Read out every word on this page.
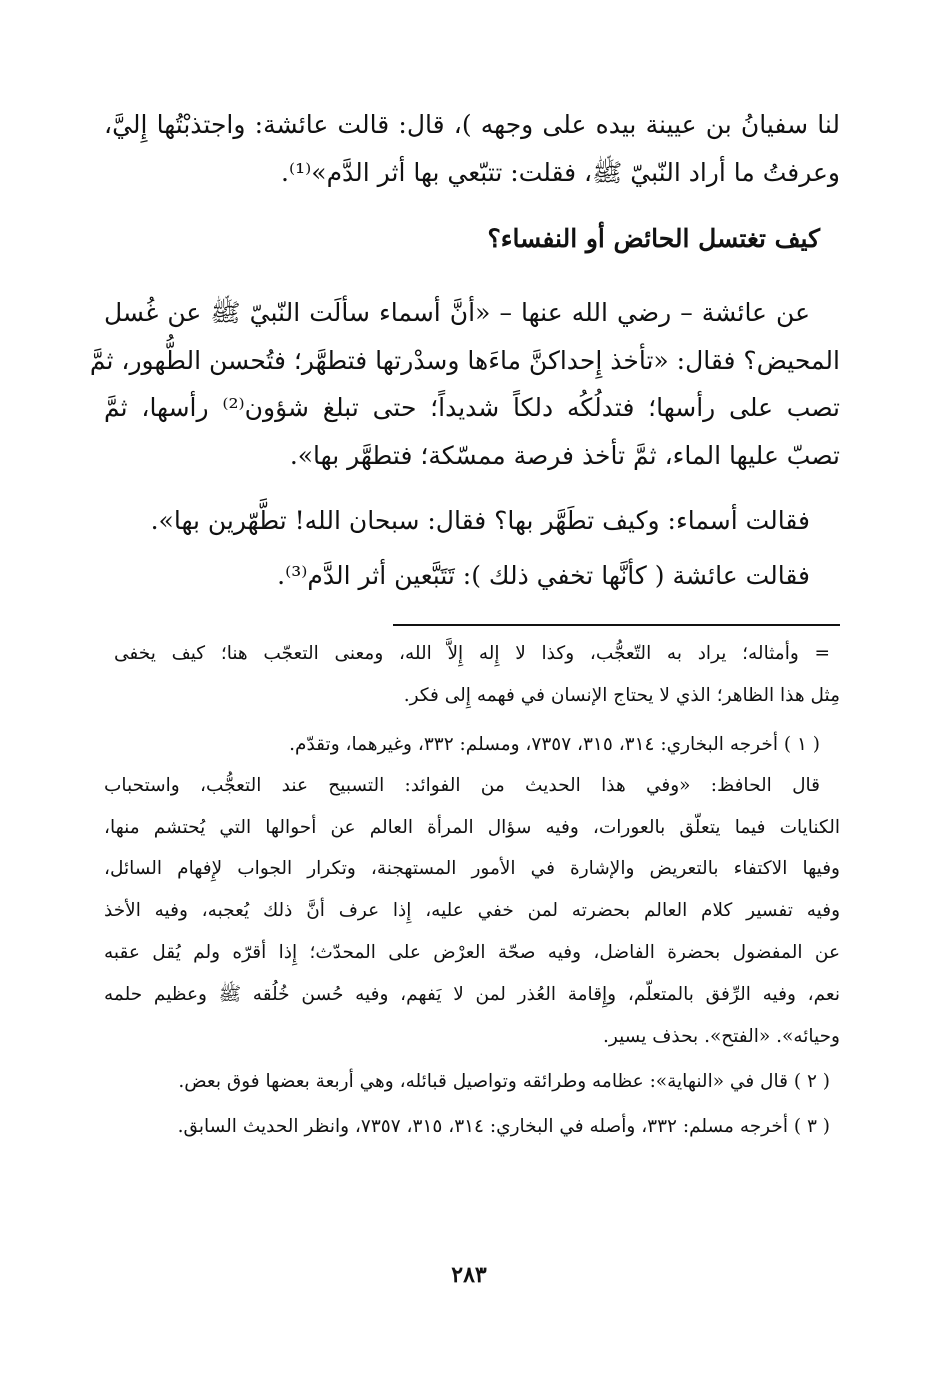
لنا سفيانُ بن عيينة بيده على وجهه )، قال: قالت عائشة: واجتذبْتُها إِليَّ،
وعرفتُ ما أراد النّبيّ ﷺ، فقلت: تتبّعي بها أثر الدَّم»⁽¹⁾.
كيف تغتسل الحائض أو النفساء؟
عن عائشة – رضي الله عنها – «أنَّ أسماء سألَت النّبيّ ﷺ عن غُسل
المحيض؟ فقال: «تأخذ إِحداكنَّ ماءَها وسدْرتها فتطهَّر؛ فتُحسن الطُّهور، ثمَّ
تصب على رأسها؛ فتدلُكُه دلكاً شديداً؛ حتى تبلغ شؤون⁽²⁾ رأسها، ثمَّ
تصبّ عليها الماء، ثمَّ تأخذ فرصة ممسّكة؛ فتطهَّر بها».
فقالت أسماء: وكيف تطَهَّر بها؟ فقال: سبحان الله! تطَّهّرين بها».
فقالت عائشة ( كأنَّها تخفي ذلك ): تَتَبَّعين أثر الدَّم⁽³⁾.
= وأمثاله؛ يراد به التّعجُّب، وكذا لا إِله إِلاَّ الله، ومعنى التعجّب هنا؛ كيف يخفى
مِثل هذا الظاهر؛ الذي لا يحتاج الإنسان في فهمه إِلى فكر.
( ١ ) أخرجه البخاري: ٣١٤، ٣١٥، ٧٣٥٧، ومسلم: ٣٣٢، وغيرهما، وتقدّم.
قال الحافظ: «وفي هذا الحديث من الفوائد: التسبيح عند التعجُّب، واستحباب
الكنايات فيما يتعلّق بالعورات، وفيه سؤال المرأة العالم عن أحوالها التي يُحتشم منها،
وفيها الاكتفاء بالتعريض والإشارة في الأمور المستهجنة، وتكرار الجواب لإِفهام السائل،
وفيه تفسير كلام العالم بحضرته لمن خفي عليه، إِذا عرف أنَّ ذلك يُعجبه، وفيه الأخذ
عن المفضول بحضرة الفاضل، وفيه صحّة العرْض على المحدّث؛ إِذا أقرّه ولم يُقل عقبه
نعم، وفيه الرِّفق بالمتعلّم، وإِقامة العُذر لمن لا يَفهم، وفيه حُسن خُلُقه ﷺ وعظيم حلمه
وحيائه». «الفتح». بحذف يسير.
( ٢ ) قال في «النهاية»: عظامه وطرائقه وتواصيل قبائله، وهي أربعة بعضها فوق بعض.
( ٣ ) أخرجه مسلم: ٣٣٢، وأصله في البخاري: ٣١٤، ٣١٥، ٧٣٥٧، وانظر الحديث السابق.
٢٨٣
